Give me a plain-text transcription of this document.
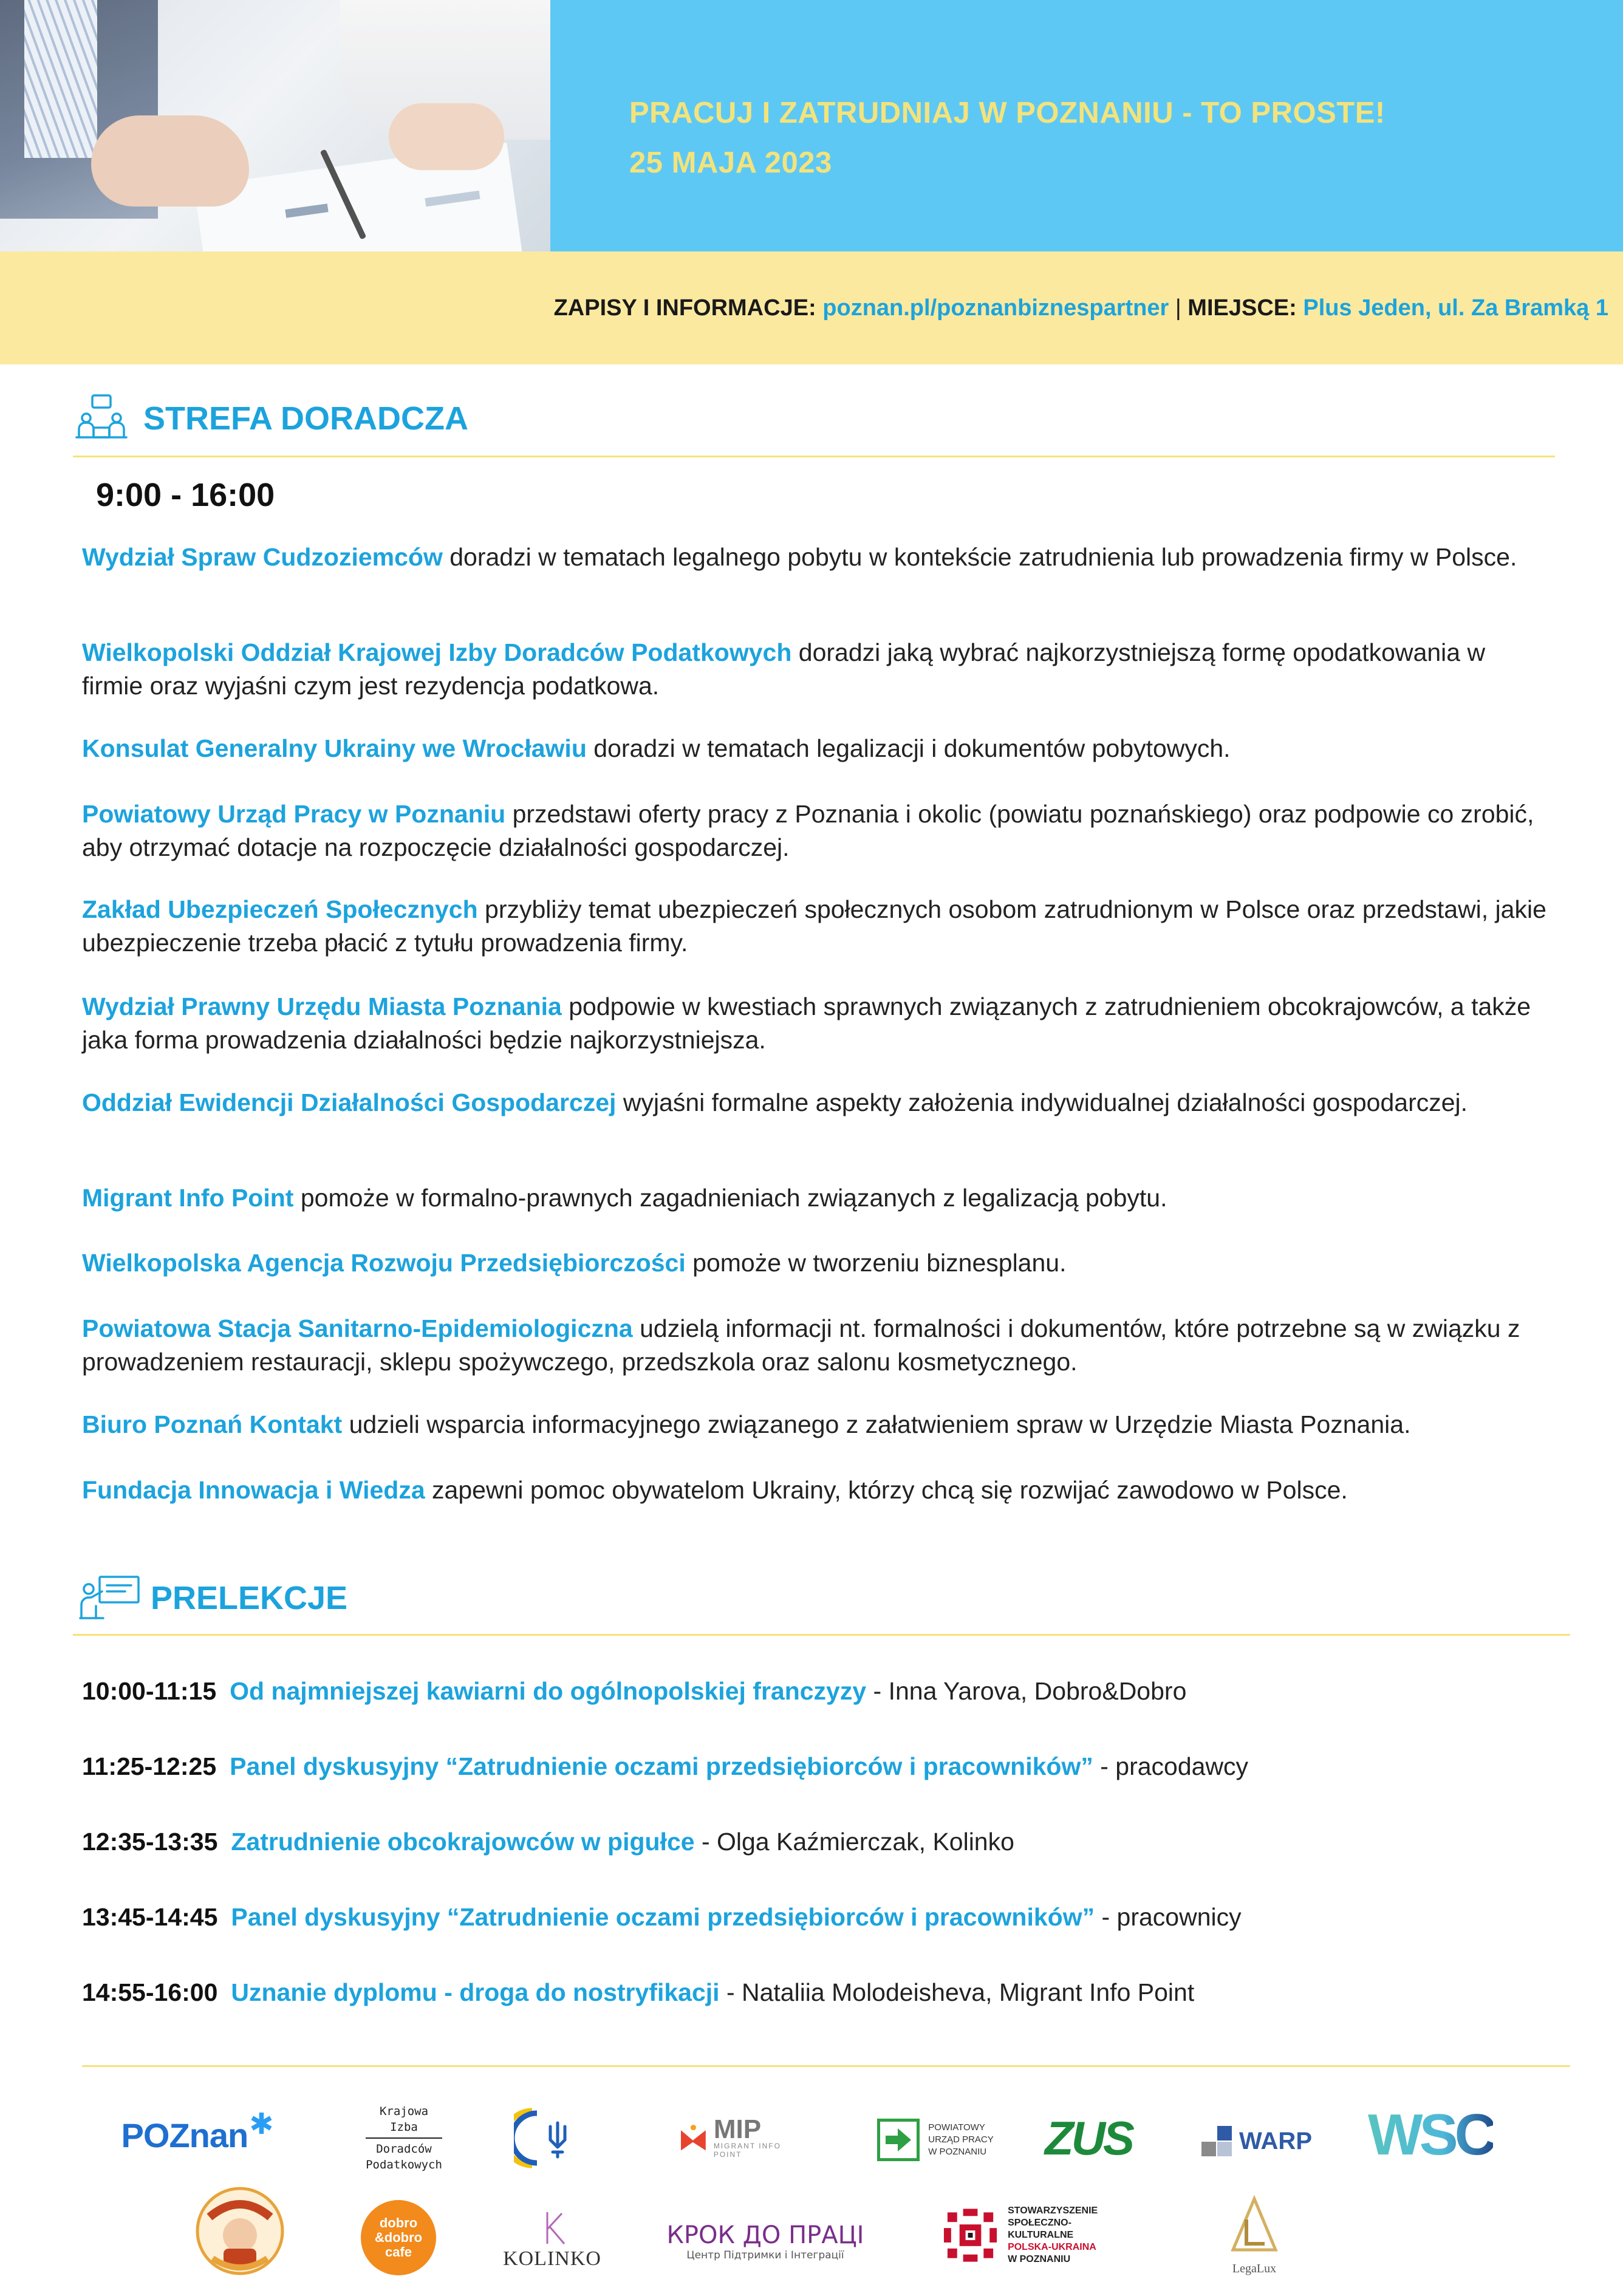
PRACUJ I ZATRUDNIAJ W POZNANIU - TO PROSTE!
25 MAJA 2023
ZAPISY I INFORMACJE: poznan.pl/poznanbiznespartner | MIEJSCE: Plus Jeden, ul. Za Bramką 1
STREFA DORADCZA
9:00 - 16:00
Wydział Spraw Cudzoziemców doradzi w tematach legalnego pobytu w kontekście zatrudnienia lub prowadzenia firmy w Polsce.
Wielkopolski Oddział Krajowej Izby Doradców Podatkowych doradzi jaką wybrać najkorzystniejszą formę opodatkowania w firmie oraz wyjaśni czym jest rezydencja podatkowa.
Konsulat Generalny Ukrainy we Wrocławiu doradzi w tematach legalizacji i dokumentów pobytowych.
Powiatowy Urząd Pracy w Poznaniu przedstawi oferty pracy z Poznania i okolic (powiatu poznańskiego) oraz podpowie co zrobić, aby otrzymać dotacje na rozpoczęcie działalności gospodarczej.
Zakład Ubezpieczeń Społecznych przybliży temat ubezpieczeń społecznych osobom zatrudnionym w Polsce oraz przedstawi, jakie ubezpieczenie trzeba płacić z tytułu prowadzenia firmy.
Wydział Prawny Urzędu Miasta Poznania podpowie w kwestiach sprawnych związanych z zatrudnieniem obcokrajowców, a także jaka forma prowadzenia działalności będzie najkorzystniejsza.
Oddział Ewidencji Działalności Gospodarczej wyjaśni formalne aspekty założenia indywidualnej działalności gospodarczej.
Migrant Info Point pomoże w formalno-prawnych zagadnieniach związanych z legalizacją pobytu.
Wielkopolska Agencja Rozwoju Przedsiębiorczości pomoże w tworzeniu biznesplanu.
Powiatowa Stacja Sanitarno-Epidemiologiczna udzielą informacji nt. formalności i dokumentów, które potrzebne są w związku z prowadzeniem restauracji, sklepu spożywczego, przedszkola oraz salonu kosmetycznego.
Biuro Poznań Kontakt udzieli wsparcia informacyjnego związanego z załatwieniem spraw w Urzędzie Miasta Poznania.
Fundacja Innowacja i Wiedza zapewni pomoc obywatelom Ukrainy, którzy chcą się rozwijać zawodowo w Polsce.
PRELEKCJE
10:00-11:15 Od najmniejszej kawiarni do ogólnopolskiej franczyzy - Inna Yarova, Dobro&Dobro
11:25-12:25 Panel dyskusyjny “Zatrudnienie oczami przedsiębiorców i pracowników” - pracodawcy
12:35-13:35 Zatrudnienie obcokrajowców w pigułce - Olga Kaźmierczak, Kolinko
13:45-14:45 Panel dyskusyjny “Zatrudnienie oczami przedsiębiorców i pracowników” - pracownicy
14:55-16:00 Uznanie dyplomu - droga do nostryfikacji - Nataliia Molodeisheva, Migrant Info Point
POZnan ✱	Krajowa
Izba
Doradców
Podatkowych
MIP
MIGRANT INFO POINT
POWIATOWY
URZĄD PRACY
W POZNANIU ZUS	WARP WSC
dobro
&dobro
cafe	KOLINKO
КРОК ДО ПРАЦІ
Центр Підтримки і Інтеграції
STOWARZYSZENIE
SPOŁECZNO-KULTURALNE
POLSKA-UKRAINA
W POZNANIU
LegaLux
